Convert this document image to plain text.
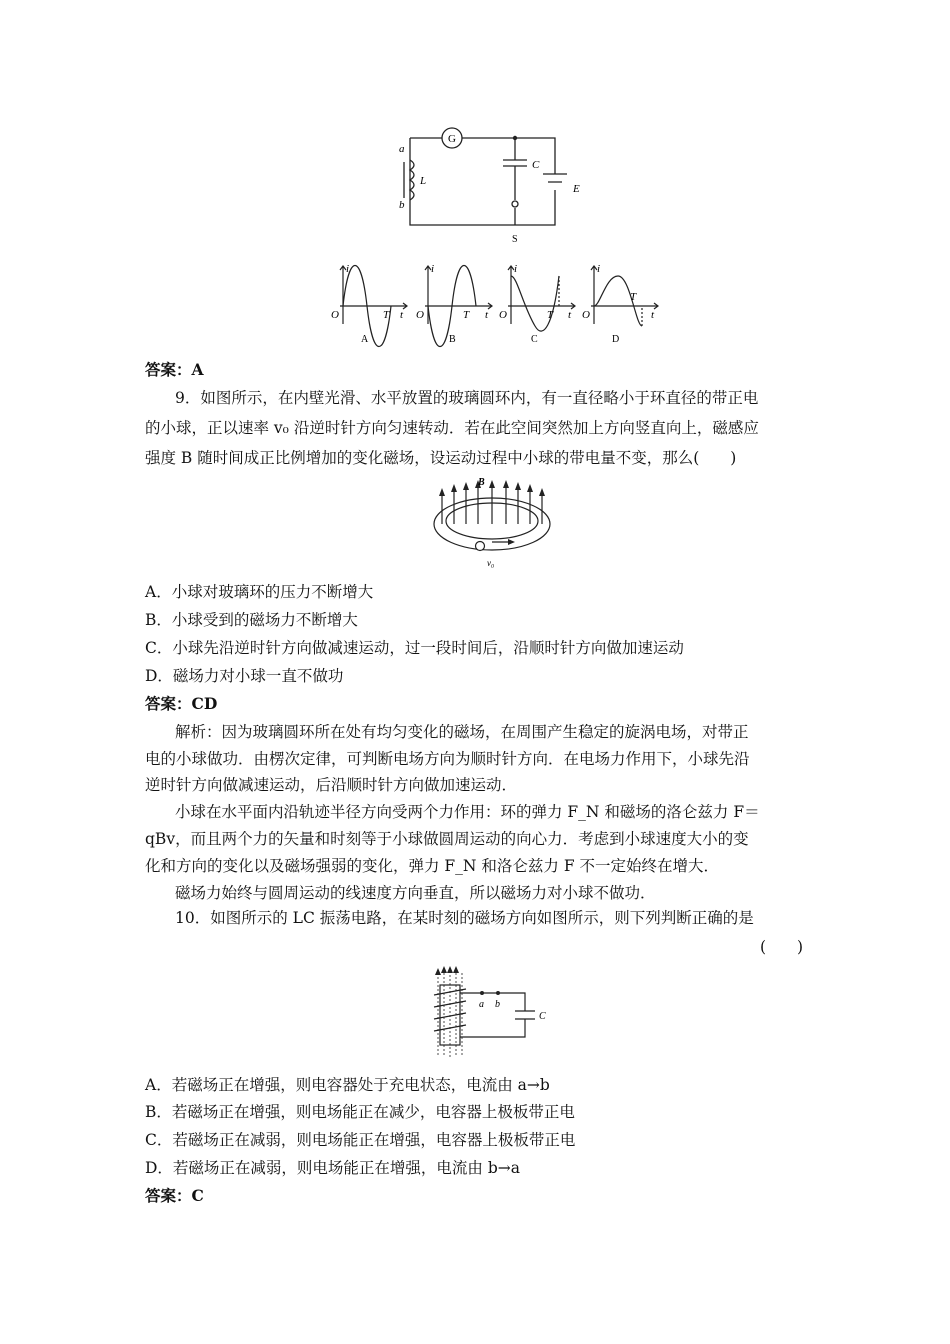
G
C
E
L
a
b
S
i
O	T t
i
O	T t
i
O	T t
i
O
T
t
A	B	C	D
答案：A
9．如图所示，在内壁光滑、水平放置的玻璃圆环内，有一直径略小于环直径的带正电
的小球，正以速率 v₀ 沿逆时针方向匀速转动．若在此空间突然加上方向竖直向上，磁感应
强度 B 随时间成正比例增加的变化磁场，设运动过程中小球的带电量不变，那么(　　)
B
v₀
A．小球对玻璃环的压力不断增大
B．小球受到的磁场力不断增大
C．小球先沿逆时针方向做减速运动，过一段时间后，沿顺时针方向做加速运动
D．磁场力对小球一直不做功
答案：CD
解析：因为玻璃圆环所在处有均匀变化的磁场，在周围产生稳定的旋涡电场，对带正
电的小球做功．由楞次定律，可判断电场方向为顺时针方向．在电场力作用下，小球先沿
逆时针方向做减速运动，后沿顺时针方向做加速运动．
小球在水平面内沿轨迹半径方向受两个力作用：环的弹力 F_N 和磁场的洛仑兹力 F＝
qBv，而且两个力的矢量和时刻等于小球做圆周运动的向心力．考虑到小球速度大小的变
化和方向的变化以及磁场强弱的变化，弹力 F_N 和洛仑兹力 F 不一定始终在增大．
磁场力始终与圆周运动的线速度方向垂直，所以磁场力对小球不做功．
10．如图所示的 LC 振荡电路，在某时刻的磁场方向如图所示，则下列判断正确的是
(　　)
a b
C
A．若磁场正在增强，则电容器处于充电状态，电流由 a→b
B．若磁场正在增强，则电场能正在减少，电容器上极板带正电
C．若磁场正在减弱，则电场能正在增强，电容器上极板带正电
D．若磁场正在减弱，则电场能正在增强，电流由 b→a
答案：C
